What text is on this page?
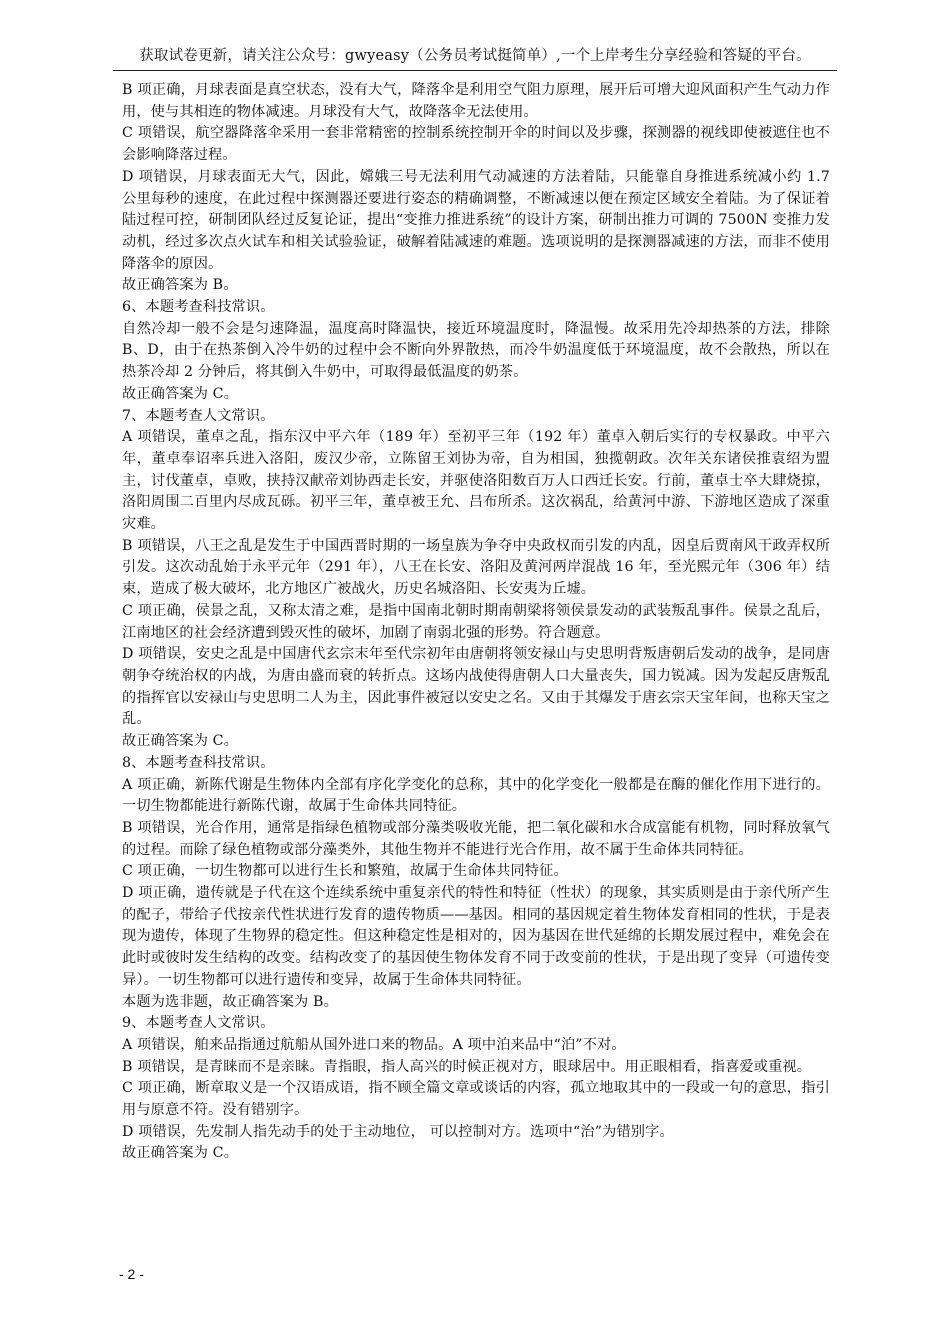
获取试卷更新，请关注公众号：gwyeasy（公务员考试挺简单）,一个上岸考生分享经验和答疑的平台。

B 项正确，月球表面是真空状态，没有大气，降落伞是利用空气阻力原理，展开后可增大迎风面积产生气动力作用，使与其相连的物体减速。月球没有大气，故降落伞无法使用。

C 项错误，航空器降落伞采用一套非常精密的控制系统控制开伞的时间以及步骤，探测器的视线即使被遮住也不会影响降落过程。

D 项错误，月球表面无大气，因此，嫦娥三号无法利用气动减速的方法着陆，只能靠自身推进系统减小约 1.7 公里每秒的速度，在此过程中探测器还要进行姿态的精确调整，不断减速以便在预定区域安全着陆。为了保证着陆过程可控，研制团队经过反复论证，提出“变推力推进系统”的设计方案，研制出推力可调的 7500N 变推力发动机，经过多次点火试车和相关试验验证，破解着陆减速的难题。选项说明的是探测器减速的方法，而非不使用降落伞的原因。

故正确答案为 B。

6、本题考查科技常识。

自然冷却一般不会是匀速降温，温度高时降温快，接近环境温度时，降温慢。故采用先冷却热茶的方法，排除 B、D，由于在热茶倒入冷牛奶的过程中会不断向外界散热，而冷牛奶温度低于环境温度，故不会散热，所以在热茶冷却 2 分钟后，将其倒入牛奶中，可取得最低温度的奶茶。

故正确答案为 C。

7、本题考查人文常识。

A 项错误，董卓之乱，指东汉中平六年（189 年）至初平三年（192 年）董卓入朝后实行的专权暴政。中平六年，董卓奉诏率兵进入洛阳，废汉少帝，立陈留王刘协为帝，自为相国，独揽朝政。次年关东诸侯推袁绍为盟主，讨伐董卓，卓败，挟持汉献帝刘协西走长安，并驱使洛阳数百万人口西迁长安。行前，董卓士卒大肆烧掠，洛阳周围二百里内尽成瓦砾。初平三年，董卓被王允、吕布所杀。这次祸乱，给黄河中游、下游地区造成了深重灾难。

B 项错误，八王之乱是发生于中国西晋时期的一场皇族为争夺中央政权而引发的内乱，因皇后贾南风干政弄权所引发。这次动乱始于永平元年（291 年），八王在长安、洛阳及黄河两岸混战 16 年，至光熙元年（306 年）结束，造成了极大破坏，北方地区广被战火，历史名城洛阳、长安夷为丘墟。

C 项正确，侯景之乱，又称太清之难，是指中国南北朝时期南朝梁将领侯景发动的武装叛乱事件。侯景之乱后，江南地区的社会经济遭到毁灭性的破坏，加剧了南弱北强的形势。符合题意。

D 项错误，安史之乱是中国唐代玄宗末年至代宗初年由唐朝将领安禄山与史思明背叛唐朝后发动的战争，是同唐朝争夺统治权的内战，为唐由盛而衰的转折点。这场内战使得唐朝人口大量丧失，国力锐减。因为发起反唐叛乱的指挥官以安禄山与史思明二人为主，因此事件被冠以安史之名。又由于其爆发于唐玄宗天宝年间，也称天宝之乱。

故正确答案为 C。

8、本题考查科技常识。

A 项正确，新陈代谢是生物体内全部有序化学变化的总称，其中的化学变化一般都是在酶的催化作用下进行的。一切生物都能进行新陈代谢，故属于生命体共同特征。

B 项错误，光合作用，通常是指绿色植物或部分藻类吸收光能，把二氧化碳和水合成富能有机物，同时释放氧气的过程。而除了绿色植物或部分藻类外，其他生物并不能进行光合作用，故不属于生命体共同特征。

C 项正确，一切生物都可以进行生长和繁殖，故属于生命体共同特征。

D 项正确，遗传就是子代在这个连续系统中重复亲代的特性和特征（性状）的现象，其实质则是由于亲代所产生的配子，带给子代按亲代性状进行发育的遗传物质——基因。相同的基因规定着生物体发育相同的性状，于是表现为遗传，体现了生物界的稳定性。但这种稳定性是相对的，因为基因在世代延绵的长期发展过程中，难免会在此时或彼时发生结构的改变。结构改变了的基因使生物体发育不同于改变前的性状，于是出现了变异（可遗传变异）。一切生物都可以进行遗传和变异，故属于生命体共同特征。

本题为选非题，故正确答案为 B。

9、本题考查人文常识。

A 项错误，舶来品指通过航船从国外进口来的物品。A 项中泊来品中“泊”不对。

B 项错误，是青睐而不是亲睐。青指眼，指人高兴的时候正视对方，眼球居中。用正眼相看，指喜爱或重视。

C 项正确，断章取义是一个汉语成语，指不顾全篇文章或谈话的内容，孤立地取其中的一段或一句的意思，指引用与原意不符。没有错别字。

D 项错误，先发制人指先动手的处于主动地位， 可以控制对方。选项中“治”为错别字。

故正确答案为 C。

- 2 -
